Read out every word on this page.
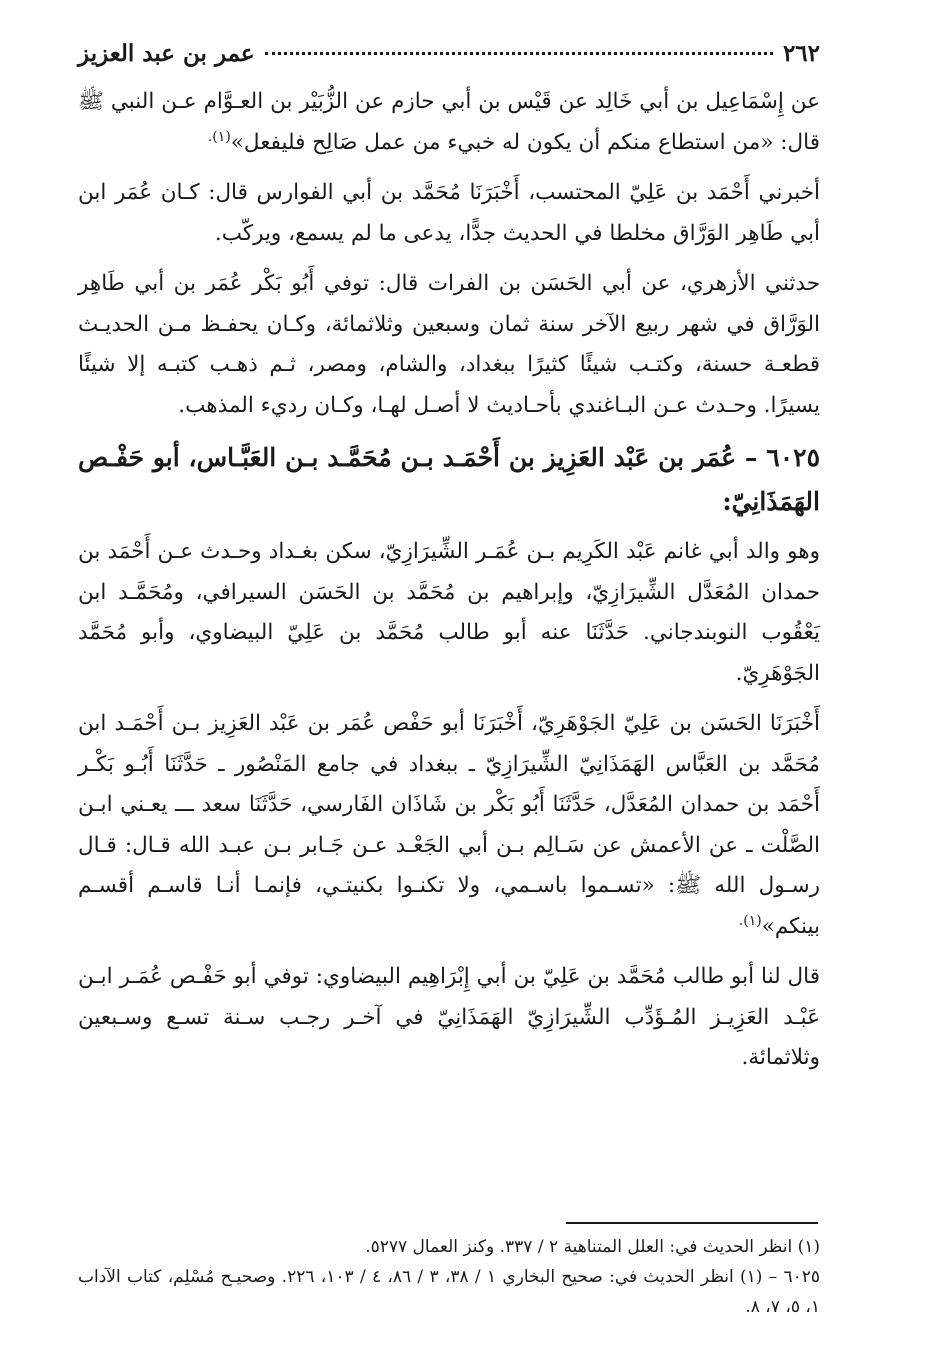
٢٦٢
عمر بن عبد العزيز

عن إِسْمَاعِيل بن أبي خَالِد عن قَيْس بن أبي حازم عن الزُّبَيْر بن العـوَّام عـن النبي ﷺ قال: «من استطاع منكم أن يكون له خبيء من عمل صَالِح فليفعل»$^{(١).}$

أخبرني أَحْمَد بن عَلِيّ المحتسب، أَخْبَرَنَا مُحَمَّد بن أبي الفوارس قال: كـان عُمَر ابن أبي طَاهِر الوَرَّاق مخلطا في الحديث جدًّا، يدعى ما لم يسمع، ويركّب.

حدثني الأزهري، عن أبي الحَسَن بن الفرات قال: توفي أَبُو بَكْر عُمَر بن أبي طَاهِر الوَرَّاق في شهر ربيع الآخر سنة ثمان وسبعين وثلاثمائة، وكـان يحفـظ مـن الحديـث قطعـة حسنة، وكتـب شيئًا كثيرًا ببغداد، والشام، ومصر، ثـم ذهـب كتبـه إلا شيئًا يسيرًا. وحـدث عـن البـاغندي بأحـاديث لا أصـل لهـا، وكـان رديء المذهب.

٦٠٢٥ – عُمَر بن عَبْد العَزِيز بن أَحْمَـد بـن مُحَمَّـد بـن العَبَّـاس، أبو حَفْـص الهَمَذَانِيّ:

وهو والد أبي غانم عَبْد الكَرِيم بـن عُمَـر الشِّيرَازِيّ، سكن بغـداد وحـدث عـن أَحْمَد بن حمدان المُعَدَّل الشِّيرَازِيّ، وإبراهيم بن مُحَمَّد بن الحَسَن السيرافي، ومُحَمَّـد ابن يَعْقُوب النوبندجاني. حَدَّثَنَا عنه أبو طالب مُحَمَّد بن عَلِيّ البيضاوي، وأبو مُحَمَّد الجَوْهَرِيّ.

أَخْبَرَنَا الحَسَن بن عَلِيّ الجَوْهَرِيّ، أَخْبَرَنَا أبو حَفْص عُمَر بن عَبْد العَزِيز بـن أَحْمَـد ابن مُحَمَّد بن العَبَّاس الهَمَذَانِيّ الشِّيرَازِيّ ـ ببغداد في جامع المَنْصُور ـ حَدَّثَنَا أَبُـو بَكْـر أَحْمَد بن حمدان المُعَدَّل، حَدَّثَنَا أَبُو بَكْر بن شَاذَان الفَارسي، حَدَّثَنَا سعد ـــ يعـني ابـن الصَّلْت ـ عن الأعمش عن سَـالِم بـن أبي الجَعْـد عـن جَـابر بـن عبـد الله قـال: قـال رسـول الله ﷺ: «تسـموا باسـمي، ولا تكنـوا بكنيتـي، فإنمـا أنـا قاسـم أقسـم بينكم»$^{(١).}$

قال لنا أبو طالب مُحَمَّد بن عَلِيّ بن أبي إِبْرَاهِيم البيضاوي: توفي أبو حَفْـص عُمَـر ابـن عَبْـد العَزِيـز المُـؤَدِّب الشِّيرَازِيّ الهَمَذَانِيّ في آخـر رجـب سـنة تسـع وسـبعين وثلاثمائة.

(١) انظر الحديث في: العلل المتناهية ٢ / ٣٣٧. وكنز العمال ٥٢٧٧.

٦٠٢٥ – (١) انظر الحديث في: صحيح البخاري ١ / ٣٨، ٣ / ٨٦، ٤ / ١٠٣، ٢٢٦. وصحيـح مُسْلِم، كتاب الآداب ١، ٥، ٧، ٨.
